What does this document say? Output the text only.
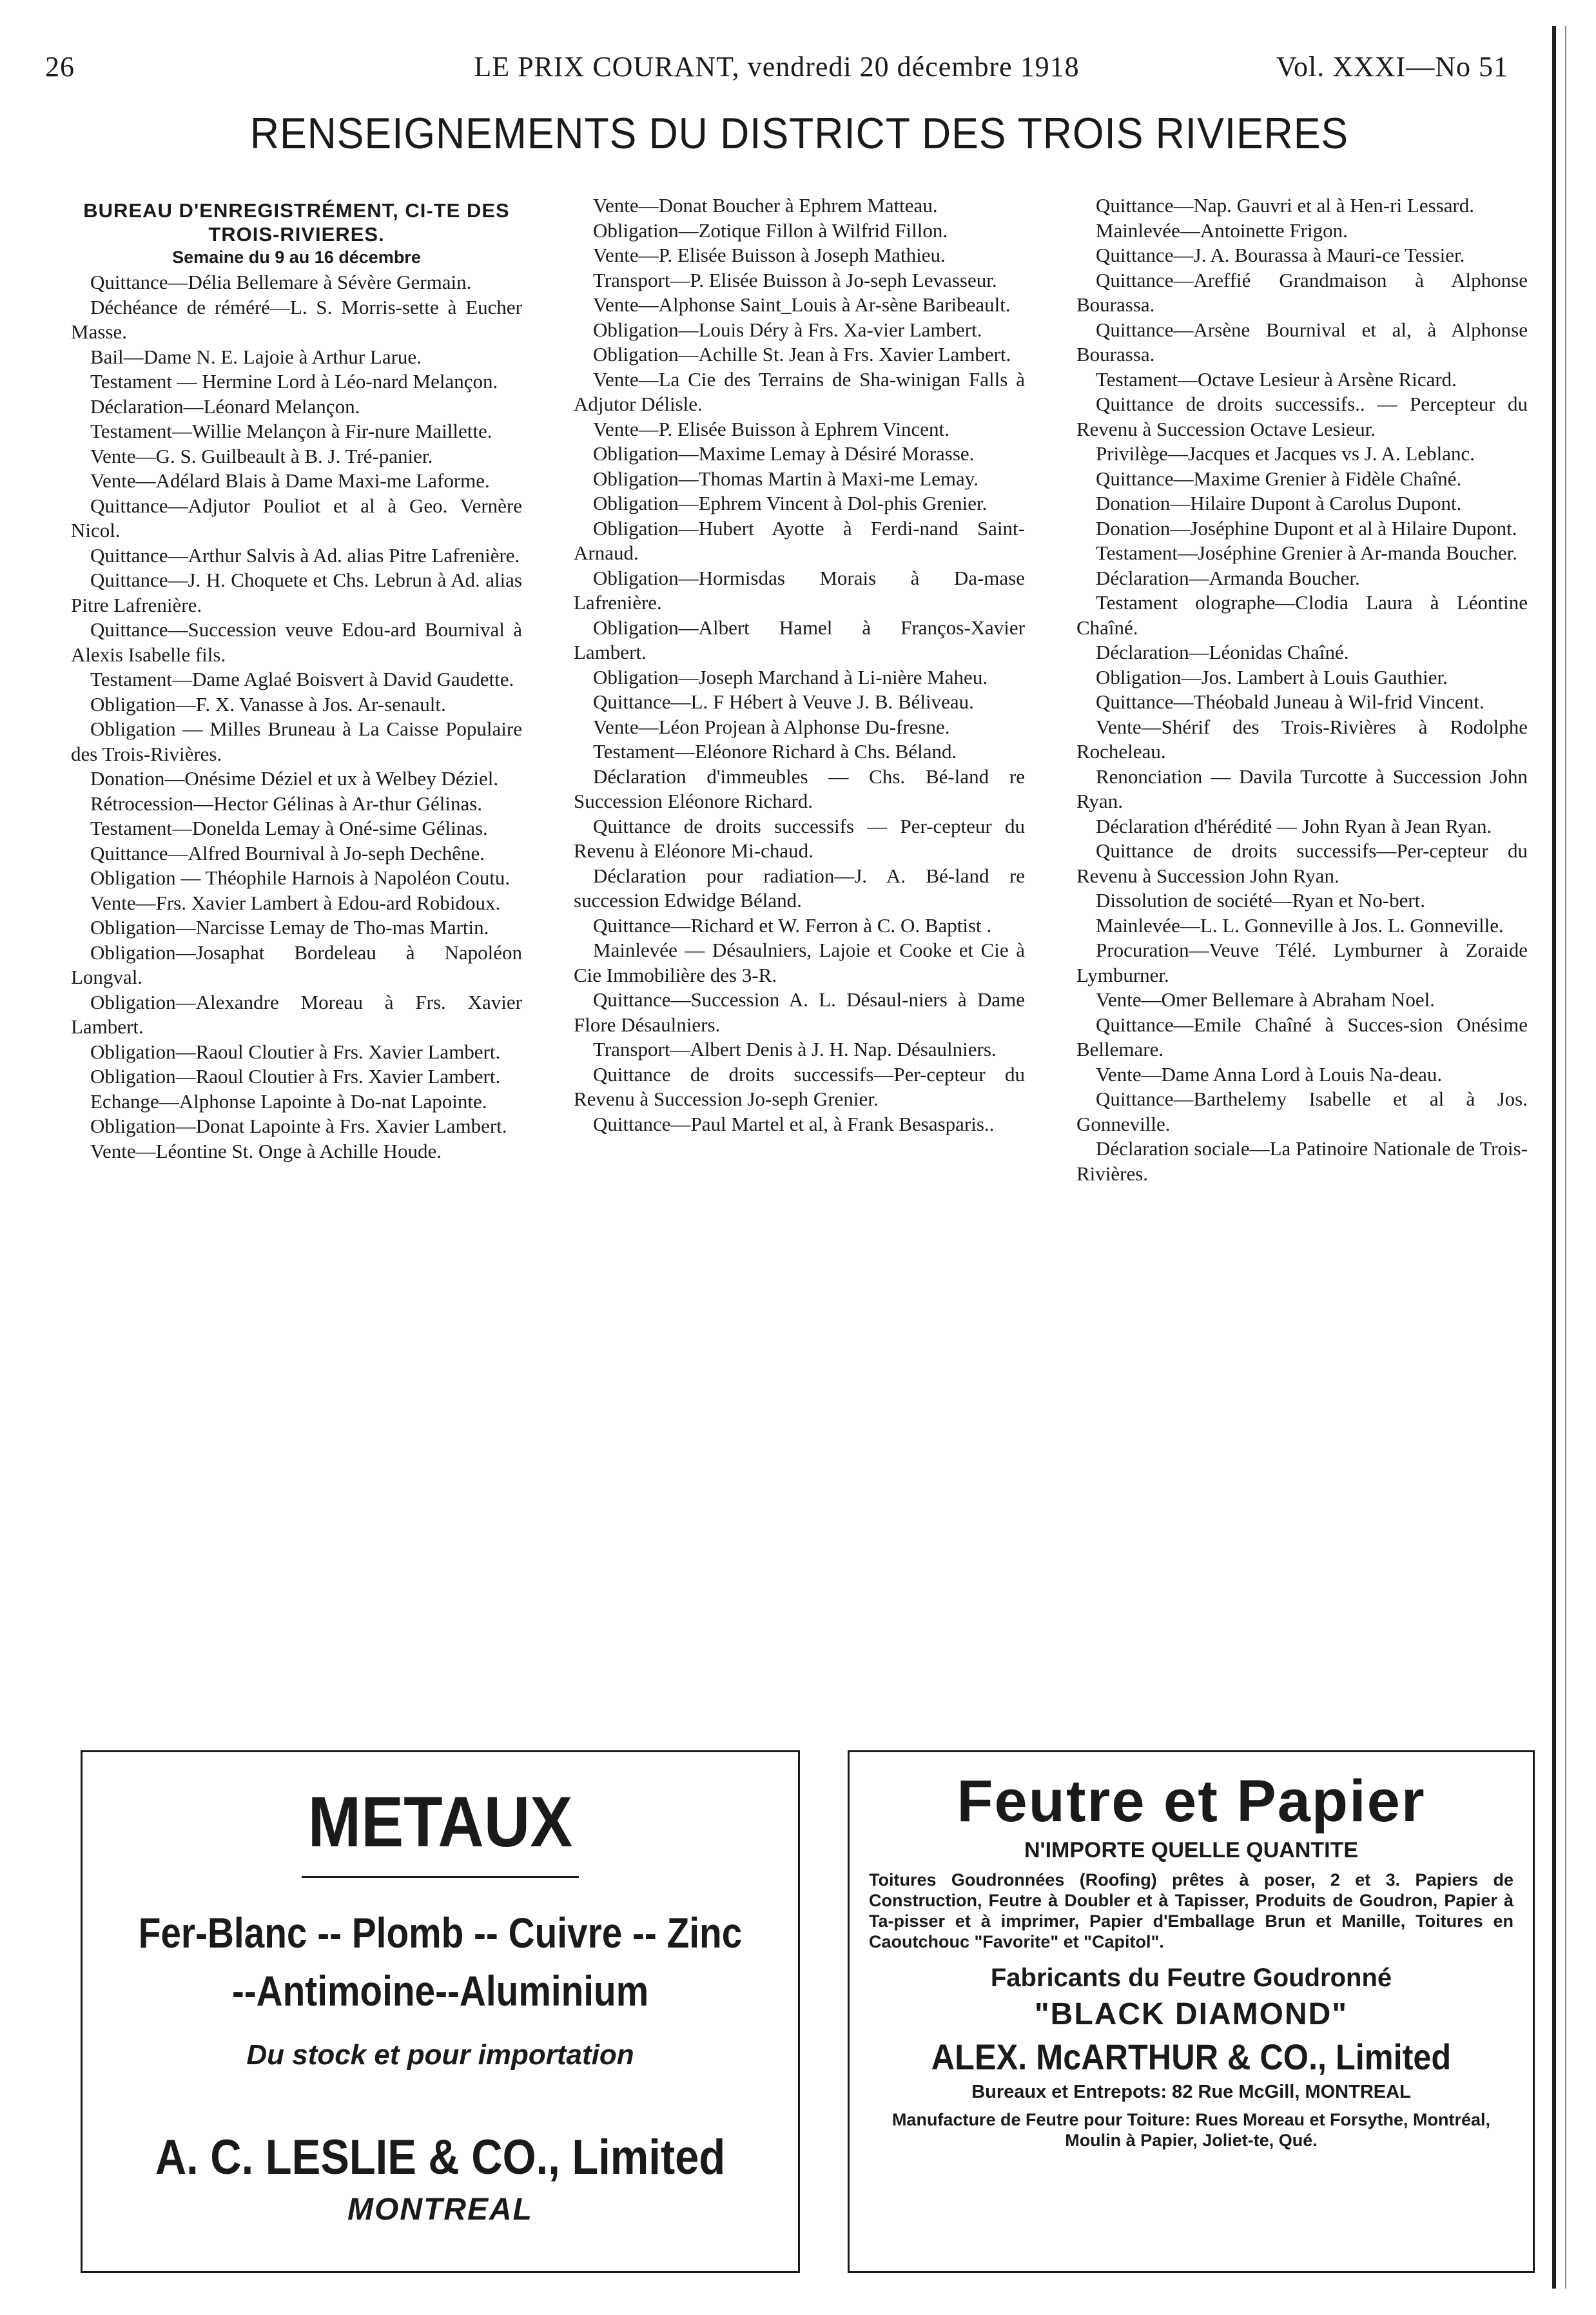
26	LE PRIX COURANT, vendredi 20 décembre 1918	Vol. XXXI—No 51
RENSEIGNEMENTS DU DISTRICT DES TROIS RIVIERES

BUREAU D'ENREGISTRÉMENT, CI-TE DES TROIS-RIVIERES.

Semaine du 9 au 16 décembre

Quittance—Délia Bellemare à Sévère Germain.

Déchéance de réméré—L. S. Morris-sette à Eucher Masse.

Bail—Dame N. E. Lajoie à Arthur Larue.

Testament — Hermine Lord à Léo-nard Melançon.

Déclaration—Léonard Melançon.

Testament—Willie Melançon à Fir-nure Maillette.

Vente—G. S. Guilbeault à B. J. Tré-panier.

Vente—Adélard Blais à Dame Maxi-me Laforme.

Quittance—Adjutor Pouliot et al à Geo. Vernère Nicol.

Quittance—Arthur Salvis à Ad. alias Pitre Lafrenière.

Quittance—J. H. Choquete et Chs. Lebrun à Ad. alias Pitre Lafrenière.

Quittance—Succession veuve Edou-ard Bournival à Alexis Isabelle fils.

Testament—Dame Aglaé Boisvert à David Gaudette.

Obligation—F. X. Vanasse à Jos. Ar-senault.

Obligation — Milles Bruneau à La Caisse Populaire des Trois-Rivières.

Donation—Onésime Déziel et ux à Welbey Déziel.

Rétrocession—Hector Gélinas à Ar-thur Gélinas.

Testament—Donelda Lemay à Oné-sime Gélinas.

Quittance—Alfred Bournival à Jo-seph Dechêne.

Obligation — Théophile Harnois à Napoléon Coutu.

Vente—Frs. Xavier Lambert à Edou-ard Robidoux.

Obligation—Narcisse Lemay de Tho-mas Martin.

Obligation—Josaphat Bordeleau à Napoléon Longval.

Obligation—Alexandre Moreau à Frs. Xavier Lambert.

Obligation—Raoul Cloutier à Frs. Xavier Lambert.

Obligation—Raoul Cloutier à Frs. Xavier Lambert.

Echange—Alphonse Lapointe à Do-nat Lapointe.

Obligation—Donat Lapointe à Frs. Xavier Lambert.

Vente—Léontine St. Onge à Achille Houde.

Vente—Donat Boucher à Ephrem Matteau.

Obligation—Zotique Fillon à Wilfrid Fillon.

Vente—P. Elisée Buisson à Joseph Mathieu.

Transport—P. Elisée Buisson à Jo-seph Levasseur.

Vente—Alphonse Saint_Louis à Ar-sène Baribeault.

Obligation—Louis Déry à Frs. Xa-vier Lambert.

Obligation—Achille St. Jean à Frs. Xavier Lambert.

Vente—La Cie des Terrains de Sha-winigan Falls à Adjutor Délisle.

Vente—P. Elisée Buisson à Ephrem Vincent.

Obligation—Maxime Lemay à Désiré Morasse.

Obligation—Thomas Martin à Maxi-me Lemay.

Obligation—Ephrem Vincent à Dol-phis Grenier.

Obligation—Hubert Ayotte à Ferdi-nand Saint-Arnaud.

Obligation—Hormisdas Morais à Da-mase Lafrenière.

Obligation—Albert Hamel à Franços-Xavier Lambert.

Obligation—Joseph Marchand à Li-nière Maheu.

Quittance—L. F Hébert à Veuve J. B. Béliveau.

Vente—Léon Projean à Alphonse Du-fresne.

Testament—Eléonore Richard à Chs. Béland.

Déclaration d'immeubles — Chs. Bé-land re Succession Eléonore Richard.

Quittance de droits successifs — Per-cepteur du Revenu à Eléonore Mi-chaud.

Déclaration pour radiation—J. A. Bé-land re succession Edwidge Béland.

Quittance—Richard et W. Ferron à C. O. Baptist .

Mainlevée — Désaulniers, Lajoie et Cooke et Cie à Cie Immobilière des 3-R.

Quittance—Succession A. L. Désaul-niers à Dame Flore Désaulniers.

Transport—Albert Denis à J. H. Nap. Désaulniers.

Quittance de droits successifs—Per-cepteur du Revenu à Succession Jo-seph Grenier.

Quittance—Paul Martel et al, à Frank Besasparis..

Quittance—Nap. Gauvri et al à Hen-ri Lessard.

Mainlevée—Antoinette Frigon.

Quittance—J. A. Bourassa à Mauri-ce Tessier.

Quittance—Areffié Grandmaison à Alphonse Bourassa.

Quittance—Arsène Bournival et al, à Alphonse Bourassa.

Testament—Octave Lesieur à Arsène Ricard.

Quittance de droits successifs.. — Percepteur du Revenu à Succession Octave Lesieur.

Privilège—Jacques et Jacques vs J. A. Leblanc.

Quittance—Maxime Grenier à Fidèle Chaîné.

Donation—Hilaire Dupont à Carolus Dupont.

Donation—Joséphine Dupont et al à Hilaire Dupont.

Testament—Joséphine Grenier à Ar-manda Boucher.

Déclaration—Armanda Boucher.

Testament olographe—Clodia Laura à Léontine Chaîné.

Déclaration—Léonidas Chaîné.

Obligation—Jos. Lambert à Louis Gauthier.

Quittance—Théobald Juneau à Wil-frid Vincent.

Vente—Shérif des Trois-Rivières à Rodolphe Rocheleau.

Renonciation — Davila Turcotte à Succession John Ryan.

Déclaration d'hérédité — John Ryan à Jean Ryan.

Quittance de droits successifs—Per-cepteur du Revenu à Succession John Ryan.

Dissolution de société—Ryan et No-bert.

Mainlevée—L. L. Gonneville à Jos. L. Gonneville.

Procuration—Veuve Télé. Lymburner à Zoraide Lymburner.

Vente—Omer Bellemare à Abraham Noel.

Quittance—Emile Chaîné à Succes-sion Onésime Bellemare.

Vente—Dame Anna Lord à Louis Na-deau.

Quittance—Barthelemy Isabelle et al à Jos. Gonneville.

Déclaration sociale—La Patinoire Nationale de Trois-Rivières.

METAUX
Fer-Blanc -- Plomb -- Cuivre -- Zinc
--Antimoine--Aluminium
Du stock et pour importation
A. C. LESLIE & CO., Limited
MONTREAL
Feutre et Papier
N'IMPORTE QUELLE QUANTITE
Toitures Goudronnées (Roofing) prêtes à poser, 2 et 3. Papiers de Construction, Feutre à Doubler et à Tapisser, Produits de Goudron, Papier à Ta-pisser et à imprimer, Papier d'Emballage Brun et Manille, Toitures en Caoutchouc "Favorite" et "Capitol".
Fabricants du Feutre Goudronné
"BLACK DIAMOND"
ALEX. McARTHUR & CO., Limited
Bureaux et Entrepots: 82 Rue McGill, MONTREAL
Manufacture de Feutre pour Toiture: Rues Moreau et Forsythe, Montréal, Moulin à Papier, Joliet-te, Qué.
